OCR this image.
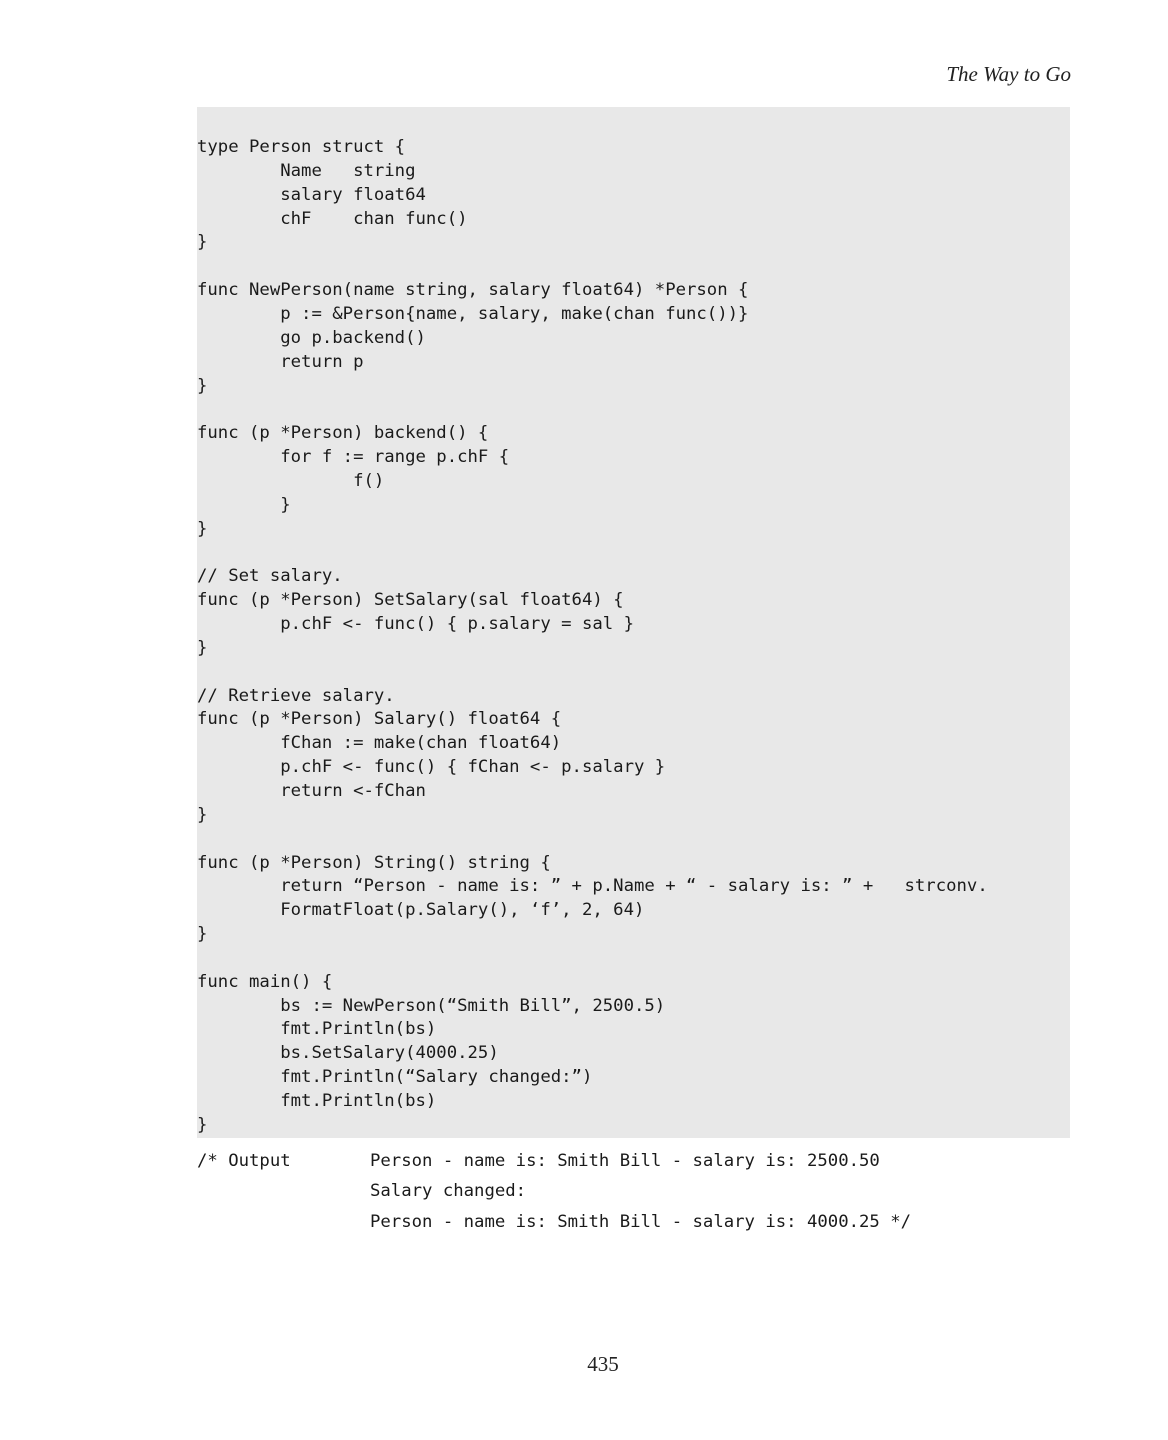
The Way to Go
type Person struct {
Name   string
salary float64
chF    chan func()
}
func NewPerson(name string, salary float64) *Person {
p := &Person{name, salary, make(chan func())}
go p.backend()
return p
}
func (p *Person) backend() {
for f := range p.chF {
f()
}
}
// Set salary.
func (p *Person) SetSalary(sal float64) {
p.chF <- func() { p.salary = sal }
}
// Retrieve salary.
func (p *Person) Salary() float64 {
fChan := make(chan float64)
p.chF <- func() { fChan <- p.salary }
return <-fChan
}
func (p *Person) String() string {
return “Person - name is: ” + p.Name + “ - salary is: ” +   strconv.
FormatFloat(p.Salary(), ‘f’, 2, 64)
}
func main() {
bs := NewPerson(“Smith Bill”, 2500.5)
fmt.Println(bs)
bs.SetSalary(4000.25)
fmt.Println(“Salary changed:”)
fmt.Println(bs)
}
/* Output	Person - name is: Smith Bill - salary is: 2500.50
Salary changed:
Person - name is: Smith Bill - salary is: 4000.25 */
435
